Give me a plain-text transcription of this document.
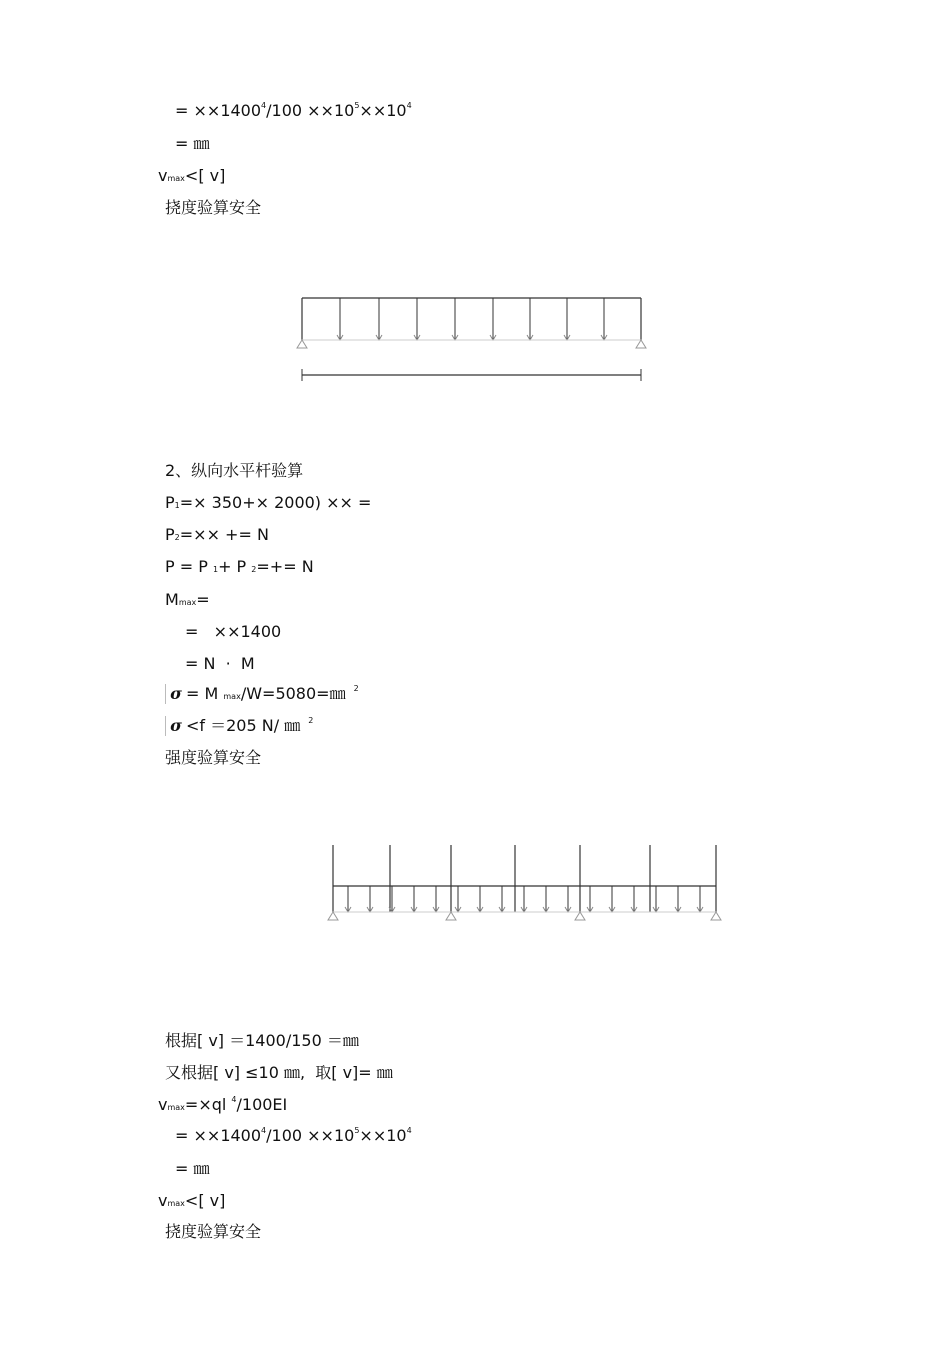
= $\times\times 1400^4/100 \times\times 10^5\times\times 10^4$
= ㎜
vmax<[ v]
挠度验算安全
2、纵向水平杆验算
P1=× 350+× 2000) ×× =
P2=×× += N
P = P 1+ P 2=+= N
Mmax=
=   ××1400
= N  ·  M
σ = M max/W=5080=㎜ $^2$
σ <f ＝205 N/ ㎜ $^2$
强度验算安全
根据[ v] ＝1400/150 ＝㎜
又根据[ v] ≤10 ㎜,  取[ v]= ㎜
vmax=×ql $^4$/100EI
= $\times\times 1400^4/100 \times\times 10^5\times\times 10^4$
= ㎜
vmax<[ v]
挠度验算安全
